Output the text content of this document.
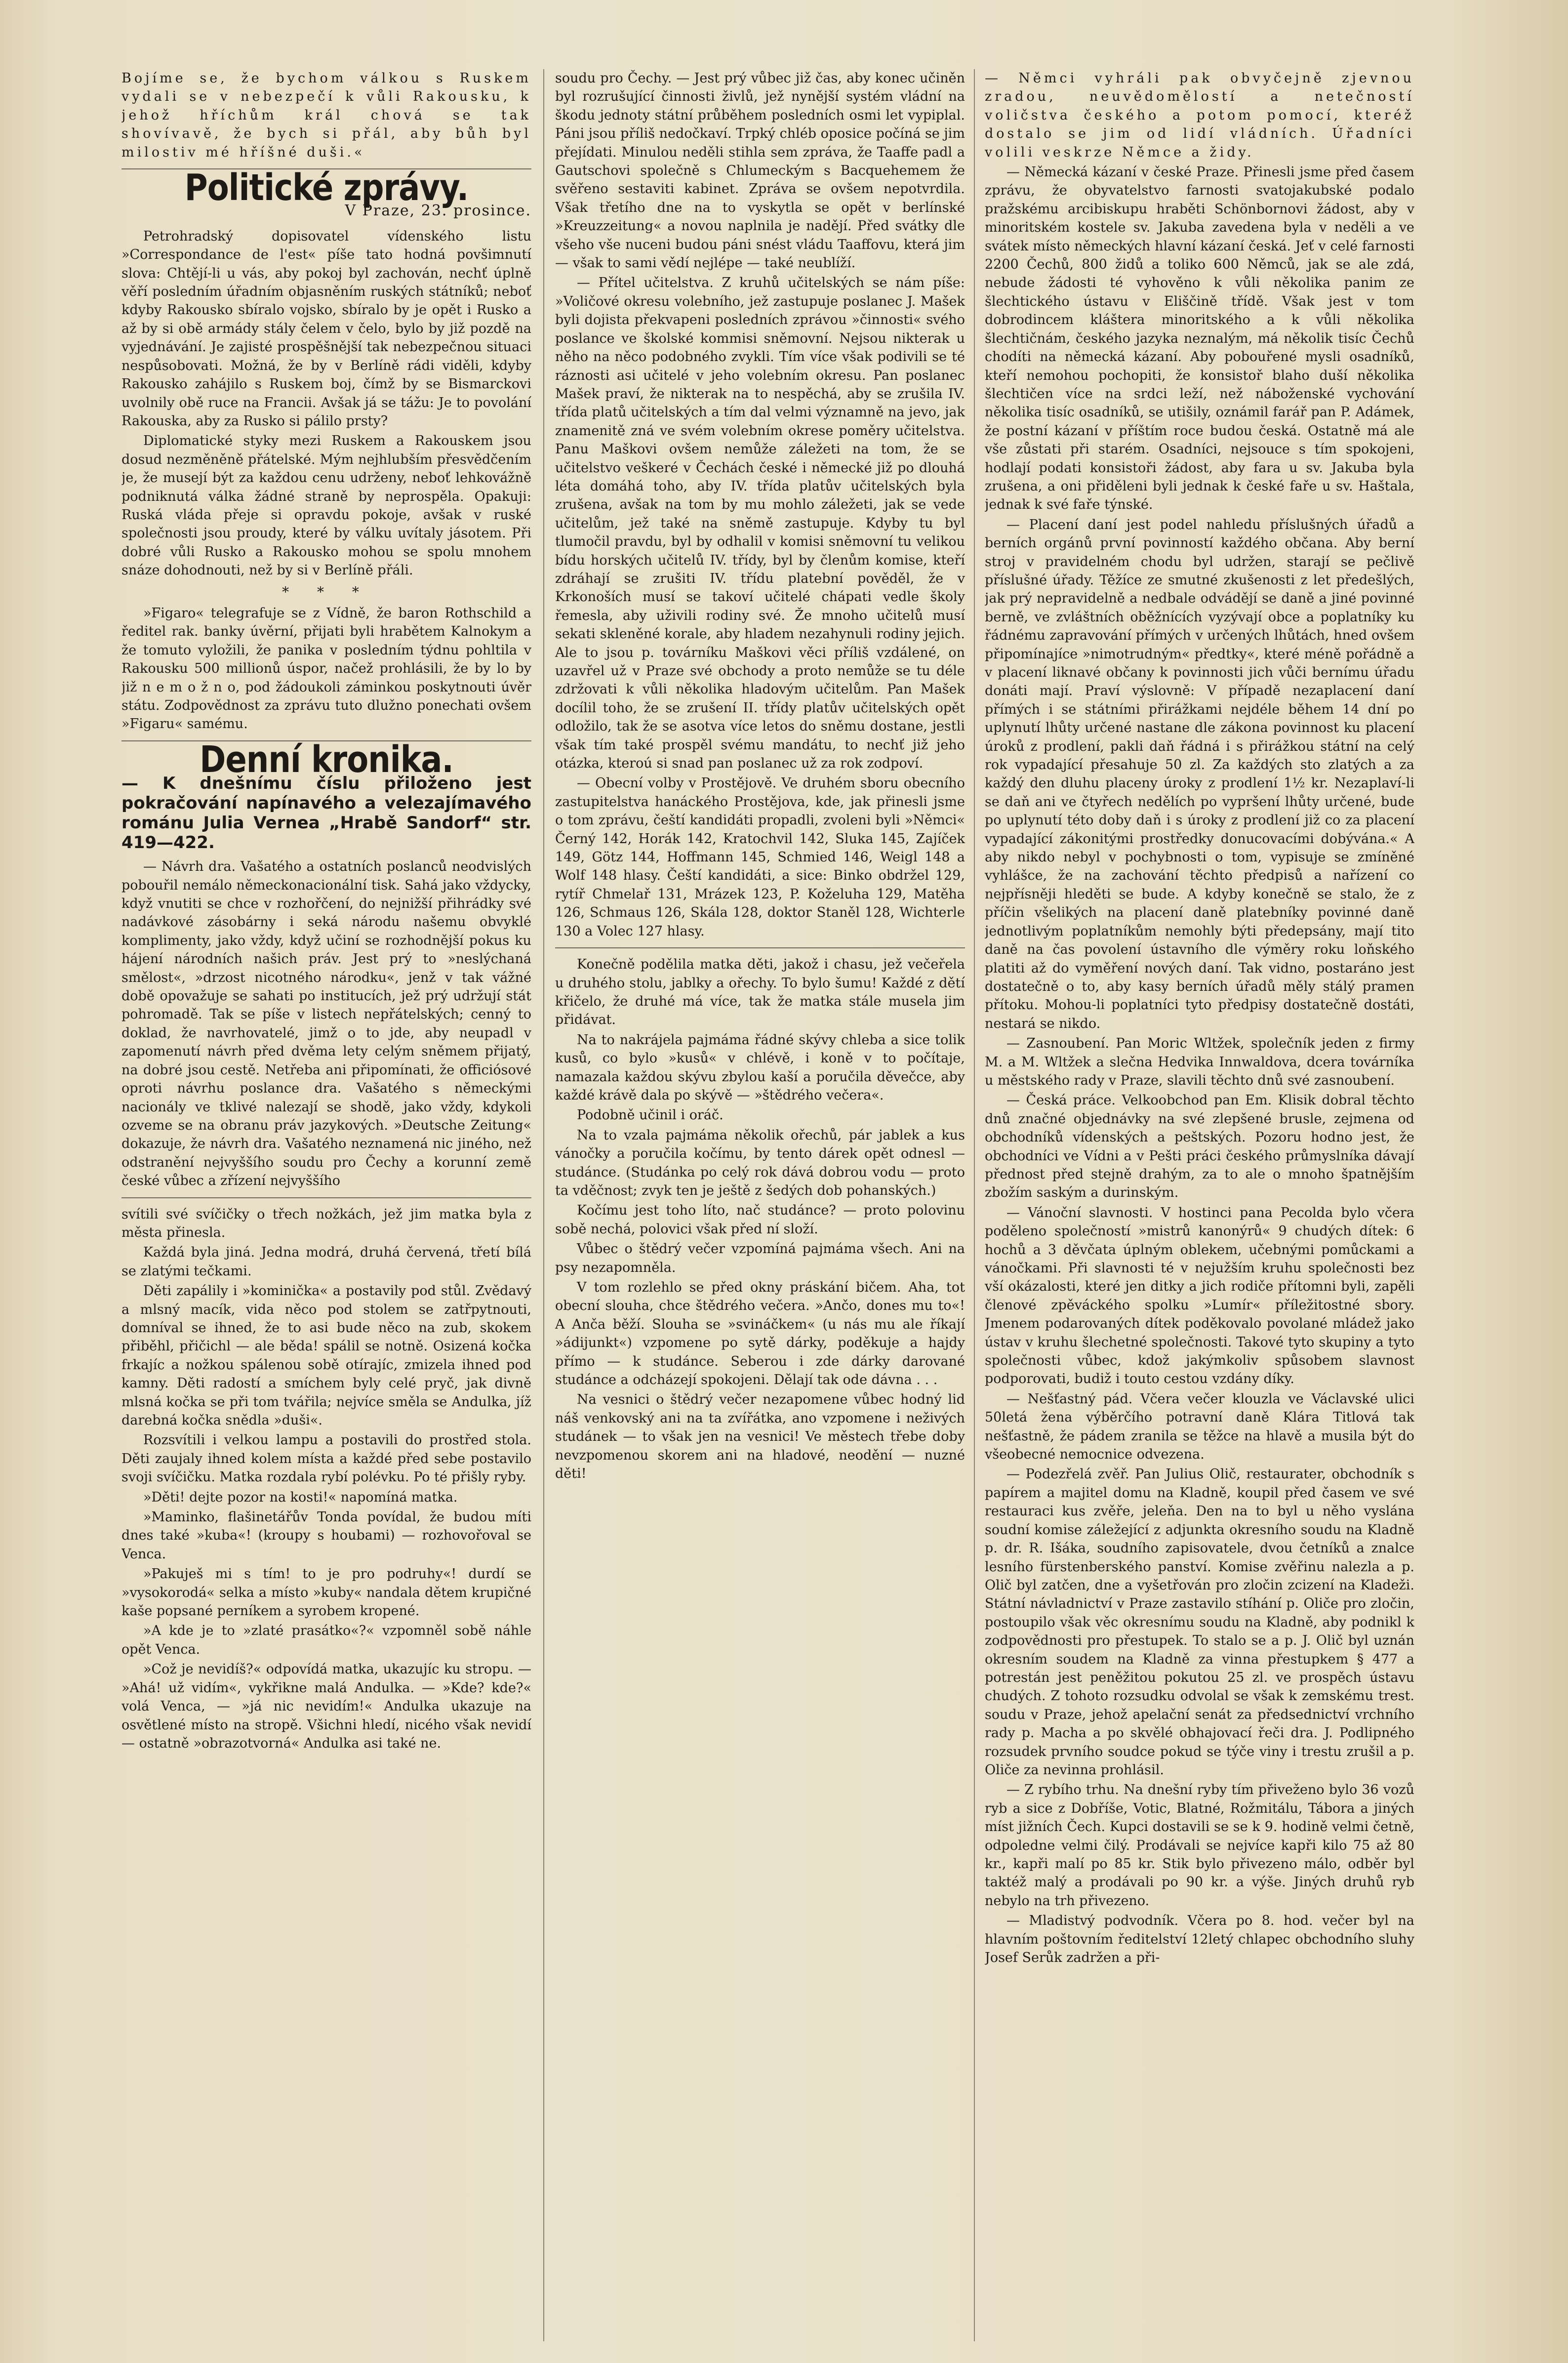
Bojíme se, že bychom válkou s Ruskem vydali se v nebezpečí k vůli Rakousku, k jehož hříchům král chová se tak shovívavě, že bych si přál, aby bůh byl milostiv mé hříšné duši.«

Politické zprávy.
V Praze, 23. prosince.

Petrohradský dopisovatel vídenského listu »Correspondance de l'est« píše tato hodná povšimnutí slova: Chtějí-li u vás, aby pokoj byl zachován, nechť úplně věří posledním úřadním objasněním ruských státníků; neboť kdyby Rakousko sbíralo vojsko, sbíralo by je opět i Rusko a až by si obě armády stály čelem v čelo, bylo by již pozdě na vyjednávání. Je zajisté prospěšnější tak nebezpečnou situaci nespůsobovati. Možná, že by v Berlíně rádi viděli, kdyby Rakousko zahájilo s Ruskem boj, čímž by se Bismarckovi uvolnily obě ruce na Francii. Avšak já se tážu: Je to povolání Rakouska, aby za Rusko si pálilo prsty?

Diplomatické styky mezi Ruskem a Rakouskem jsou dosud nezměněně přátelské. Mým nejhlubším přesvědčením je, že musejí být za každou cenu udrženy, neboť lehkovážně podniknutá válka žádné straně by neprospěla. Opakuji: Ruská vláda přeje si opravdu pokoje, avšak v ruské společnosti jsou proudy, které by válku uvítaly jásotem. Při dobré vůli Rusko a Rakousko mohou se spolu mnohem snáze dohodnouti, než by si v Berlíně přáli.

* * *

»Figaro« telegrafuje se z Vídně, že baron Rothschild a ředitel rak. banky úvěrní, přijati byli hrabětem Kalnokym a že tomuto vyložili, že panika v posledním týdnu pohltila v Rakousku 500 millionů úspor, načež prohlásili, že by lo by již n e m o ž n o, pod žádoukoli záminkou poskytnouti úvěr státu. Zodpovědnost za zprávu tuto dlužno ponechati ovšem »Figaru« samému.

Denní kronika.

— K dnešnímu číslu přiloženo jest pokračování napínavého a velezajímavého románu Julia Vernea „Hrabě Sandorf“ str. 419—422.

— Návrh dra. Vašatého a ostatních poslanců neodvislých pobouřil nemálo německonacionální tisk. Sahá jako vždycky, když vnutiti se chce v rozhořčení, do nejnižší přihrádky své nadávkové zásobárny i seká národu našemu obvyklé komplimenty, jako vždy, když učiní se rozhodnější pokus ku hájení národních našich práv. Jest prý to »neslýchaná smělost«, »drzost nicotného národku«, jenž v tak vážné době opovažuje se sahati po institucích, jež prý udržují stát pohromadě. Tak se píše v listech nepřátelských; cenný to doklad, že navrhovatelé, jimž o to jde, aby neupadl v zapomenutí návrh před dvěma lety celým sněmem přijatý, na dobré jsou cestě. Netřeba ani připomínati, že officiósové oproti návrhu poslance dra. Vašatého s německými nacionály ve tklivé nalezají se shodě, jako vždy, kdykoli ozveme se na obranu práv jazykových. »Deutsche Zeitung« dokazuje, že návrh dra. Vašatého neznamená nic jiného, než odstranění nejvyššího soudu pro Čechy a korunní země české vůbec a zřízení nejvyššího

svítili své svíčičky o třech nožkách, jež jim matka byla z města přinesla.

Každá byla jiná. Jedna modrá, druhá červená, třetí bílá se zlatými tečkami.

Děti zapálily i »kominička« a postavily pod stůl. Zvědavý a mlsný macík, vida něco pod stolem se zatřpytnouti, domníval se ihned, že to asi bude něco na zub, skokem přiběhl, přičichl — ale běda! spálil se notně. Osizená kočka frkajíc a nožkou spálenou sobě otírajíc, zmizela ihned pod kamny. Děti radostí a smíchem byly celé pryč, jak divně mlsná kočka se při tom tvářila; nejvíce směla se Andulka, jíž darebná kočka snědla »duši«.

Rozsvítili i velkou lampu a postavili do prostřed stola. Děti zaujaly ihned kolem místa a každé před sebe postavilo svoji svíčičku. Matka rozdala rybí polévku. Po té přišly ryby.

»Děti! dejte pozor na kosti!« napomíná matka.

»Maminko, flašinetářův Tonda povídal, že budou míti dnes také »kuba«! (kroupy s houbami) — rozhovořoval se Venca.

»Pakuješ mi s tím! to je pro podruhy«! durdí se »vysokorodá« selka a místo »kuby« nandala dětem krupičné kaše popsané perníkem a syrobem kropené.

»A kde je to »zlaté prasátko«?« vzpomněl sobě náhle opět Venca.

»Což je nevidíš?« odpovídá matka, ukazujíc ku stropu. — »Ahá! už vidím«, vykřikne malá Andulka. — »Kde? kde?« volá Venca, — »já nic nevidím!« Andulka ukazuje na osvětlené místo na stropě. Všichni hledí, nicého však nevidí — ostatně »obrazotvorná« Andulka asi také ne.

soudu pro Čechy. — Jest prý vůbec již čas, aby konec učiněn byl rozrušující činnosti živlů, jež nynější systém vládní na škodu jednoty státní průběhem posledních osmi let vypiplal. Páni jsou příliš nedočkaví. Trpký chléb oposice počíná se jim přejídati. Minulou neděli stihla sem zpráva, že Taaffe padl a Gautschovi společně s Chlumeckým s Bacquehemem že svěřeno sestaviti kabinet. Zpráva se ovšem nepotvrdila. Však třetího dne na to vyskytla se opět v berlínské »Kreuzzeitung« a novou naplnila je nadějí. Před svátky dle všeho vše nuceni budou páni snést vládu Taaffovu, která jim — však to sami vědí nejlépe — také neublíží.

— Přítel učitelstva. Z kruhů učitelských se nám píše: »Voličové okresu volebního, jež zastupuje poslanec J. Mašek byli dojista překvapeni posledních zprávou »činnosti« svého poslance ve školské kommisi sněmovní. Nejsou nikterak u něho na něco podobného zvykli. Tím více však podivili se té ráznosti asi učitelé v jeho volebním okresu. Pan poslanec Mašek praví, že nikterak na to nespěchá, aby se zrušila IV. třída platů učitelských a tím dal velmi významně na jevo, jak znamenitě zná ve svém volebním okrese poměry učitelstva. Panu Maškovi ovšem nemůže záležeti na tom, že se učitelstvo veškeré v Čechách české i německé již po dlouhá léta domáhá toho, aby IV. třída platův učitelských byla zrušena, avšak na tom by mu mohlo záležeti, jak se vede učitelům, jež také na sněmě zastupuje. Kdyby tu byl tlumočil pravdu, byl by odhalil v komisi sněmovní tu velikou bídu horských učitelů IV. třídy, byl by členům komise, kteří zdráhají se zrušiti IV. třídu platební pověděl, že v Krkonoších musí se takoví učitelé chápati vedle školy řemesla, aby uživili rodiny své. Že mnoho učitelů musí sekati skleněné korale, aby hladem nezahynuli rodiny jejich. Ale to jsou p. továrníku Maškovi věci příliš vzdálené, on uzavřel už v Praze své obchody a proto nemůže se tu déle zdržovati k vůli několika hladovým učitelům. Pan Mašek docílil toho, že se zrušení II. třídy platův učitelských opět odložilo, tak že se asotva více letos do sněmu dostane, jestli však tím také prospěl svému mandátu, to nechť již jeho otázka, kteroú si snad pan poslanec už za rok zodpoví.

— Obecní volby v Prostějově. Ve druhém sboru obecního zastupitelstva hanáckého Prostějova, kde, jak přinesli jsme o tom zprávu, čeští kandidáti propadli, zvoleni byli »Němci« Černý 142, Horák 142, Kratochvil 142, Sluka 145, Zajíček 149, Götz 144, Hoffmann 145, Schmied 146, Weigl 148 a Wolf 148 hlasy. Čeští kandidáti, a sice: Binko obdržel 129, rytíř Chmelař 131, Mrázek 123, P. Koželuha 129, Matěha 126, Schmaus 126, Skála 128, doktor Staněl 128, Wichterle 130 a Volec 127 hlasy.

Konečně podělila matka děti, jakož i chasu, jež večeřela u druhého stolu, jablky a ořechy. To bylo šumu! Každé z dětí křičelo, že druhé má více, tak že matka stále musela jim přidávat.

Na to nakrájela pajmáma řádné skývy chleba a sice tolik kusů, co bylo »kusů« v chlévě, i koně v to počítaje, namazala každou skývu zbylou kaší a poručila děvečce, aby každé krávě dala po skývě — »štědrého večera«.

Podobně učinil i oráč.

Na to vzala pajmáma několik ořechů, pár jablek a kus vánočky a poručila kočímu, by tento dárek opět odnesl — studánce. (Studánka po celý rok dává dobrou vodu — proto ta vděčnost; zvyk ten je ještě z šedých dob pohanských.)

Kočímu jest toho líto, nač studánce? — proto polovinu sobě nechá, polovici však před ní složí.

Vůbec o štědrý večer vzpomíná pajmáma všech. Ani na psy nezapomněla.

V tom rozlehlo se před okny práskání bičem. Aha, tot obecní slouha, chce štědrého večera. »Ančo, dones mu to«! A Anča běží. Slouha se »svináčkem« (u nás mu ale říkají »ádijunkt«) vzpomene po sytě dárky, poděkuje a hajdy přímo — k studánce. Seberou i zde dárky darované studánce a odcházejí spokojeni. Dělají tak ode dávna . . .

Na vesnici o štědrý večer nezapomene vůbec hodný lid náš venkovský ani na ta zvířátka, ano vzpomene i neživých studánek — to však jen na vesnici! Ve městech třebe doby nevzpomenou skorem ani na hladové, neodění — nuzné děti!

— Němci vyhráli pak obvyčejně zjevnou zradou, neuvědomělostí a netečností voličstva českého a potom pomocí, kteréž dostalo se jim od lidí vládních. Úřadníci volili veskrze Němce a židy.

— Německá kázaní v české Praze. Přinesli jsme před časem zprávu, že obyvatelstvo farnosti svatojakubské podalo pražskému arcibiskupu hraběti Schönbornovi žádost, aby v minoritském kostele sv. Jakuba zavedena byla v neděli a ve svátek místo německých hlavní kázaní česká. Jeť v celé farnosti 2200 Čechů, 800 židů a toliko 600 Němců, jak se ale zdá, nebude žádosti té vyhověno k vůli několika panim ze šlechtického ústavu v Eliščině třídě. Však jest v tom dobrodincem kláštera minoritského a k vůli několika šlechtičnám, českého jazyka neznalým, má několik tisíc Čechů chodíti na německá kázaní. Aby pobouřené mysli osadníků, kteří nemohou pochopiti, že konsistoř blaho duší několika šlechtičen více na srdci leží, než náboženské vychování několika tisíc osadníků, se utišily, oznámil farář pan P. Adámek, že postní kázaní v příštím roce budou česká. Ostatně má ale vše zůstati při starém. Osadníci, nejsouce s tím spokojeni, hodlají podati konsistoři žádost, aby fara u sv. Jakuba byla zrušena, a oni přiděleni byli jednak k české faře u sv. Haštala, jednak k své faře týnské.

— Placení daní jest podel nahledu příslušných úřadů a berních orgánů první povinností každého občana. Aby berní stroj v pravidelném chodu byl udržen, starají se pečlivě příslušné úřady. Těžíce ze smutné zkušenosti z let předešlých, jak prý nepravidelně a nedbale odvádějí se daně a jiné povinné berně, ve zvláštních oběžnících vyzývají obce a poplatníky ku řádnému zapravování přímých v určených lhůtách, hned ovšem připomínajíce »nimotrudným« předtky«, které méně pořádně a v placení liknavé občany k povinnosti jich vůči bernímu úřadu donáti mají. Praví výslovně: V případě nezaplacení daní přímých i se státními přirážkami nejdéle během 14 dní po uplynutí lhůty určené nastane dle zákona povinnost ku placení úroků z prodlení, pakli daň řádná i s přirážkou státní na celý rok vypadající přesahuje 50 zl. Za každých sto zlatých a za každý den dluhu placeny úroky z prodlení 1½ kr. Nezaplaví-li se daň ani ve čtyřech nedělích po vypršení lhůty určené, bude po uplynutí této doby daň i s úroky z prodlení již co za placení vypadající zákonitými prostředky donucovacími dobývána.« A aby nikdo nebyl v pochybnosti o tom, vypisuje se zmíněné vyhlášce, že na zachování těchto předpisů a nařízení co nejpřísněji hleděti se bude. A kdyby konečně se stalo, že z příčin všelikých na placení daně platebníky povinné daně jednotlivým poplatníkům nemohly býti předepsány, mají tito daně na čas povolení ústavního dle výměry roku loňského platiti až do vyměření nových daní. Tak vidno, postaráno jest dostatečně o to, aby kasy berních úřadů měly stálý pramen přítoku. Mohou-li poplatníci tyto předpisy dostatečně dostáti, nestará se nikdo.

— Zasnoubení. Pan Moric Wltžek, společník jeden z firmy M. a M. Wltžek a slečna Hedvika Innwaldova, dcera továrníka u městského rady v Praze, slavili těchto dnů své zasnoubení.

— Česká práce. Velkoobchod pan Em. Klisik dobral těchto dnů značné objednávky na své zlepšené brusle, zejmena od obchodníků vídenských a peštských. Pozoru hodno jest, že obchodníci ve Vídni a v Pešti práci českého průmyslníka dávají přednost před stejně drahým, za to ale o mnoho špatnějším zbožím saským a durinským.

— Vánoční slavnosti. V hostinci pana Pecolda bylo včera poděleno společností »mistrů kanonýrů« 9 chudých dítek: 6 hochů a 3 děvčata úplným oblekem, učebnými pomůckami a vánočkami. Při slavnosti té v nejužším kruhu společnosti bez vší okázalosti, které jen ditky a jich rodiče přítomni byli, zapěli členové zpěváckého spolku »Lumír« příležitostné sbory. Jmenem podarovaných dítek poděkovalo povolané mládež jako ústav v kruhu šlechetné společnosti. Takové tyto skupiny a tyto společnosti vůbec, kdož jakýmkoliv spůsobem slavnost podporovati, budiž i touto cestou vzdány díky.

— Nešťastný pád. Včera večer klouzla ve Václavské ulici 50letá žena výběrčího potravní daně Klára Titlová tak nešťastně, že pádem zranila se těžce na hlavě a musila být do všeobecné nemocnice odvezena.

— Podezřelá zvěř. Pan Julius Olič, restaurater, obchodník s papírem a majitel domu na Kladně, koupil před časem ve své restauraci kus zvěře, jeleňa. Den na to byl u něho vyslána soudní komise záležející z adjunkta okresního soudu na Kladně p. dr. R. Išáka, soudního zapisovatele, dvou četníků a znalce lesního fürstenberského panství. Komise zvěřinu nalezla a p. Olič byl zatčen, dne a vyšetřován pro zločin zcizení na Kladeži. Státní návladnictví v Praze zastavilo stíhání p. Oliče pro zločin, postoupilo však věc okresnímu soudu na Kladně, aby podnikl k zodpovědnosti pro přestupek. To stalo se a p. J. Olič byl uznán okresním soudem na Kladně za vinna přestupkem § 477 a potrestán jest peněžitou pokutou 25 zl. ve prospěch ústavu chudých. Z tohoto rozsudku odvolal se však k zemskému trest. soudu v Praze, jehož apelační senát za předsednictví vrchního rady p. Macha a po skvělé obhajovací řeči dra. J. Podlipného rozsudek prvního soudce pokud se týče viny i trestu zrušil a p. Oliče za nevinna prohlásil.

— Z rybího trhu. Na dnešní ryby tím přiveženo bylo 36 vozů ryb a sice z Dobříše, Votic, Blatné, Rožmitálu, Tábora a jiných míst jižních Čech. Kupci dostavili se se k 9. hodině velmi četně, odpoledne velmi čilý. Prodávali se nejvíce kapři kilo 75 až 80 kr., kapři malí po 85 kr. Stik bylo přivezeno málo, odběr byl taktéž malý a prodávali po 90 kr. a výše. Jiných druhů ryb nebylo na trh přivezeno.

— Mladistvý podvodník. Včera po 8. hod. večer byl na hlavním poštovním ředitelství 12letý chlapec obchodního sluhy Josef Serůk zadržen a při-
